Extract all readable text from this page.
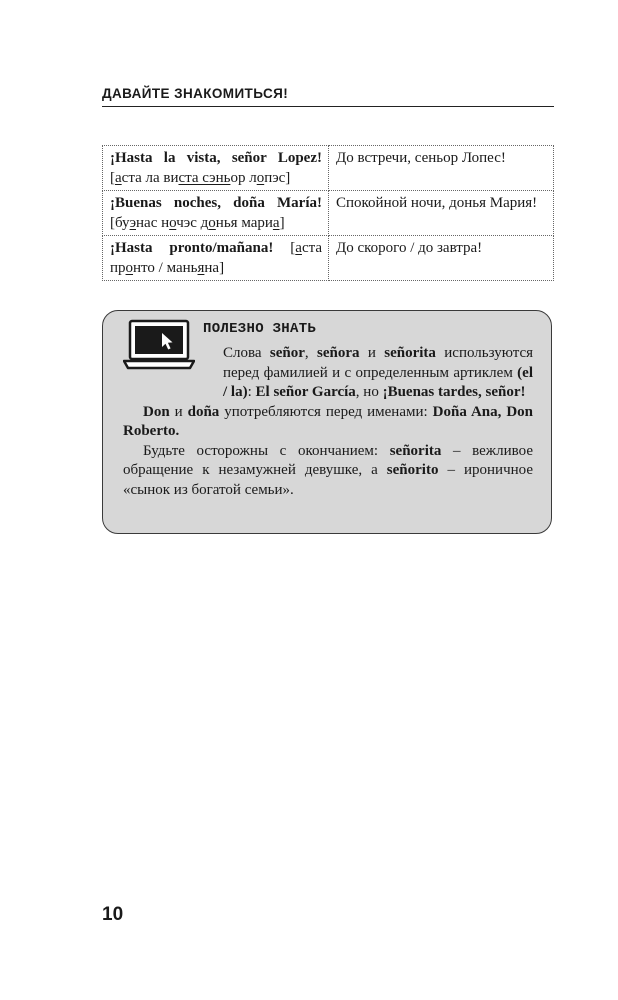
ДАВАЙТЕ ЗНАКОМИТЬСЯ!
¡Hasta la vista, señor Lopez! [аста ла виста сэньор лопэс]	До встречи, сеньор Лопес!
¡Buenas noches, doña María! [буэнас ночэс донья мариа]	Спокойной ночи, донья Мария!
¡Hasta pronto/mañana! [аста пронто / маньяна]	До скорого / до завтра!
ПОЛЕЗНО ЗНАТЬ

Слова señor, señora и señorita используются перед фамилией и с определенным артиклем (el / la): El señor García, но ¡Buenas tardes, señor!

Don и doña употребляются перед именами: Doña Ana, Don Roberto.

Будьте осторожны с окончанием: señorita – вежливое обращение к незамужней девушке, а señorito – ироничное «сынок из богатой семьи».

10
